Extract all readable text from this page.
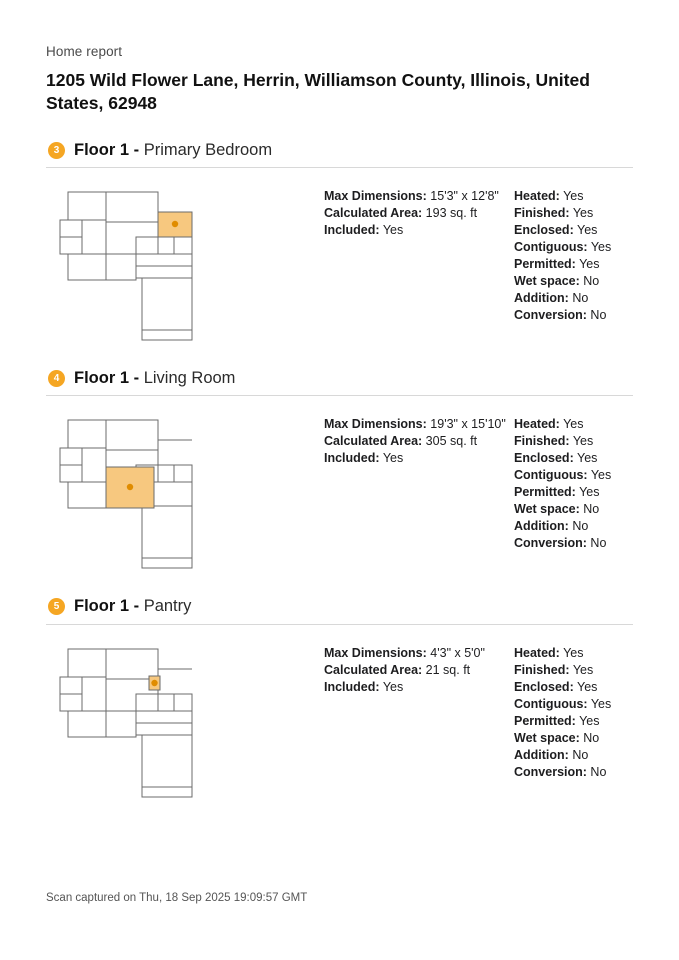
Home report
1205 Wild Flower Lane, Herrin, Williamson County, Illinois, United States, 62948
3 Floor 1 - Primary Bedroom
Max Dimensions: 15'3" x 12'8"
Calculated Area: 193 sq. ft
Included: Yes
Heated: Yes
Finished: Yes
Enclosed: Yes
Contiguous: Yes
Permitted: Yes
Wet space: No
Addition: No
Conversion: No
4 Floor 1 - Living Room
Max Dimensions: 19'3" x 15'10"
Calculated Area: 305 sq. ft
Included: Yes
Heated: Yes
Finished: Yes
Enclosed: Yes
Contiguous: Yes
Permitted: Yes
Wet space: No
Addition: No
Conversion: No
5 Floor 1 - Pantry
Max Dimensions: 4'3" x 5'0"
Calculated Area: 21 sq. ft
Included: Yes
Heated: Yes
Finished: Yes
Enclosed: Yes
Contiguous: Yes
Permitted: Yes
Wet space: No
Addition: No
Conversion: No
Scan captured on Thu, 18 Sep 2025 19:09:57 GMT
